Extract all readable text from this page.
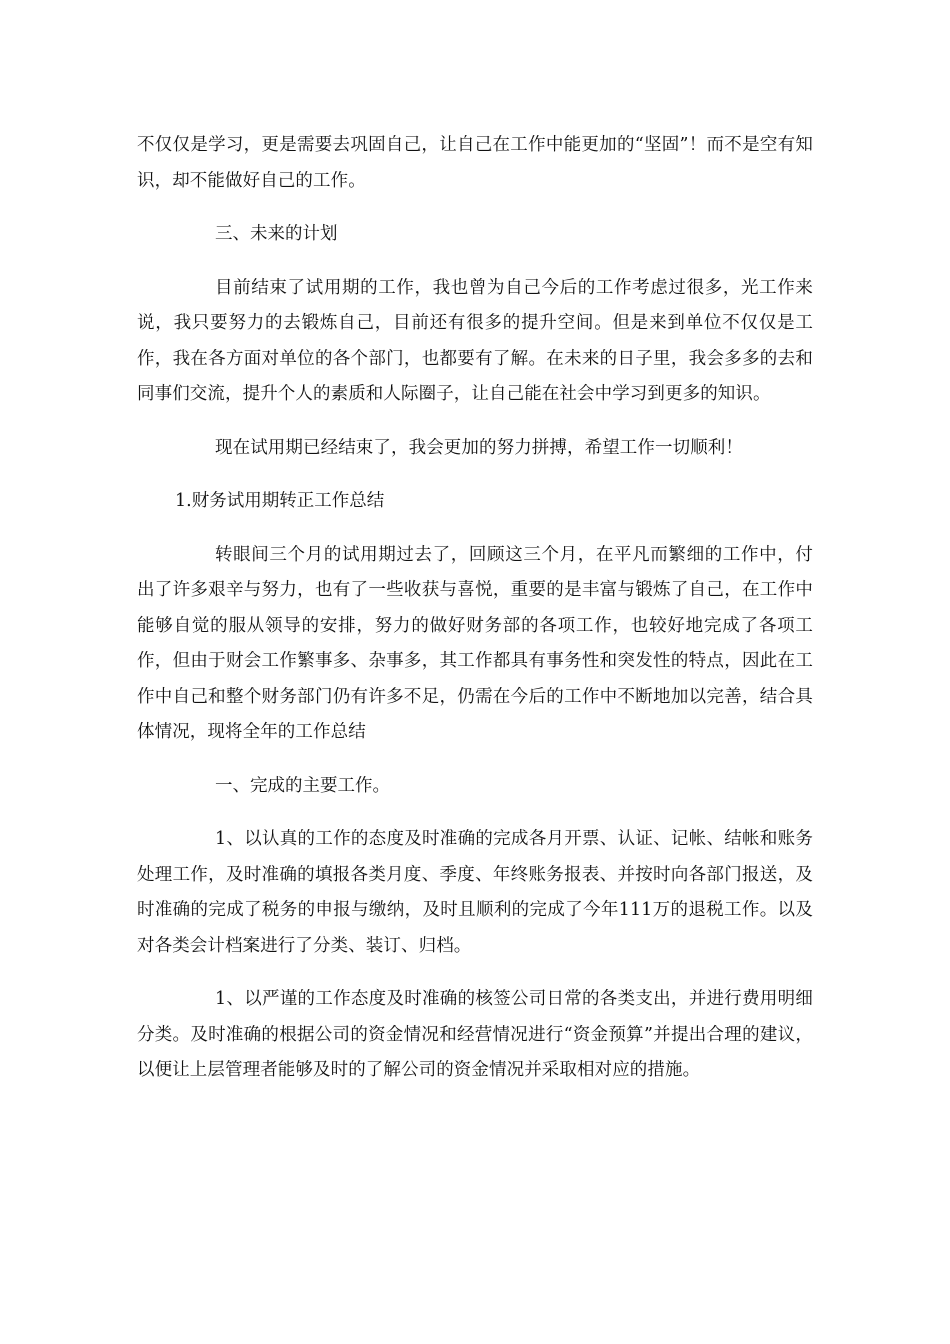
不仅仅是学习，更是需要去巩固自己，让自己在工作中能更加的“坚固”！而不是空有知识，却不能做好自己的工作。

三、未来的计划

目前结束了试用期的工作，我也曾为自己今后的工作考虑过很多，光工作来说，我只要努力的去锻炼自己，目前还有很多的提升空间。但是来到单位不仅仅是工作，我在各方面对单位的各个部门，也都要有了解。在未来的日子里，我会多多的去和同事们交流，提升个人的素质和人际圈子，让自己能在社会中学习到更多的知识。

现在试用期已经结束了，我会更加的努力拼搏，希望工作一切顺利！

1.财务试用期转正工作总结

转眼间三个月的试用期过去了，回顾这三个月，在平凡而繁细的工作中，付出了许多艰辛与努力，也有了一些收获与喜悦，重要的是丰富与锻炼了自己，在工作中能够自觉的服从领导的安排，努力的做好财务部的各项工作，也较好地完成了各项工作，但由于财会工作繁事多、杂事多，其工作都具有事务性和突发性的特点，因此在工作中自己和整个财务部门仍有许多不足，仍需在今后的工作中不断地加以完善，结合具体情况，现将全年的工作总结

一、完成的主要工作。

1、以认真的工作的态度及时准确的完成各月开票、认证、记帐、结帐和账务处理工作，及时准确的填报各类月度、季度、年终账务报表、并按时向各部门报送，及时准确的完成了税务的申报与缴纳，及时且顺利的完成了今年111万的退税工作。以及对各类会计档案进行了分类、装订、归档。

1、以严谨的工作态度及时准确的核签公司日常的各类支出，并进行费用明细分类。及时准确的根据公司的资金情况和经营情况进行“资金预算”并提出合理的建议，以便让上层管理者能够及时的了解公司的资金情况并采取相对应的措施。
